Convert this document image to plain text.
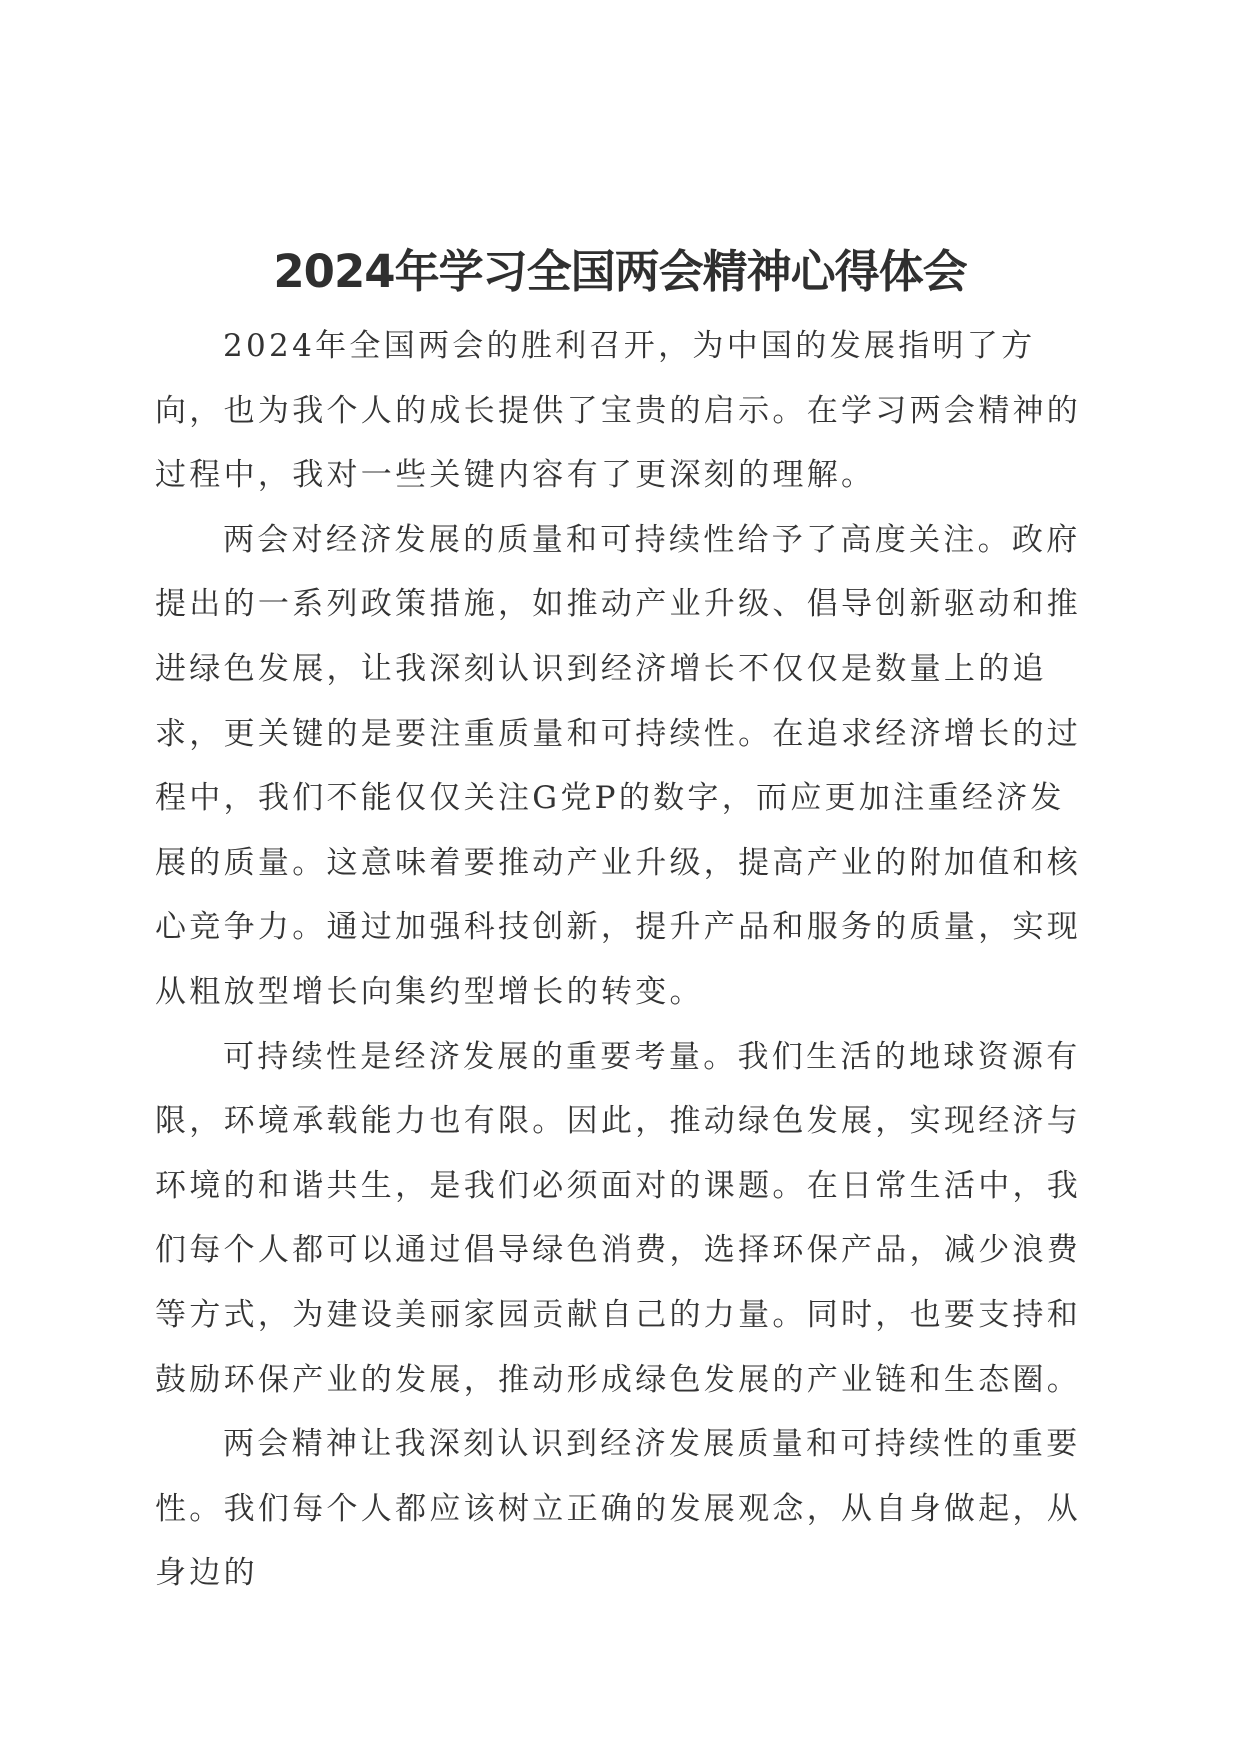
2024年学习全国两会精神心得体会

2024年全国两会的胜利召开，为中国的发展指明了方向，也为我个人的成长提供了宝贵的启示。在学习两会精神的过程中，我对一些关键内容有了更深刻的理解。

两会对经济发展的质量和可持续性给予了高度关注。政府提出的一系列政策措施，如推动产业升级、倡导创新驱动和推进绿色发展，让我深刻认识到经济增长不仅仅是数量上的追求，更关键的是要注重质量和可持续性。在追求经济增长的过程中，我们不能仅仅关注G党P的数字，而应更加注重经济发展的质量。这意味着要推动产业升级，提高产业的附加值和核心竞争力。通过加强科技创新，提升产品和服务的质量，实现从粗放型增长向集约型增长的转变。

可持续性是经济发展的重要考量。我们生活的地球资源有限，环境承载能力也有限。因此，推动绿色发展，实现经济与环境的和谐共生，是我们必须面对的课题。在日常生活中，我们每个人都可以通过倡导绿色消费，选择环保产品，减少浪费等方式，为建设美丽家园贡献自己的力量。同时，也要支持和鼓励环保产业的发展，推动形成绿色发展的产业链和生态圈。

两会精神让我深刻认识到经济发展质量和可持续性的重要性。我们每个人都应该树立正确的发展观念，从自身做起，从身边的
